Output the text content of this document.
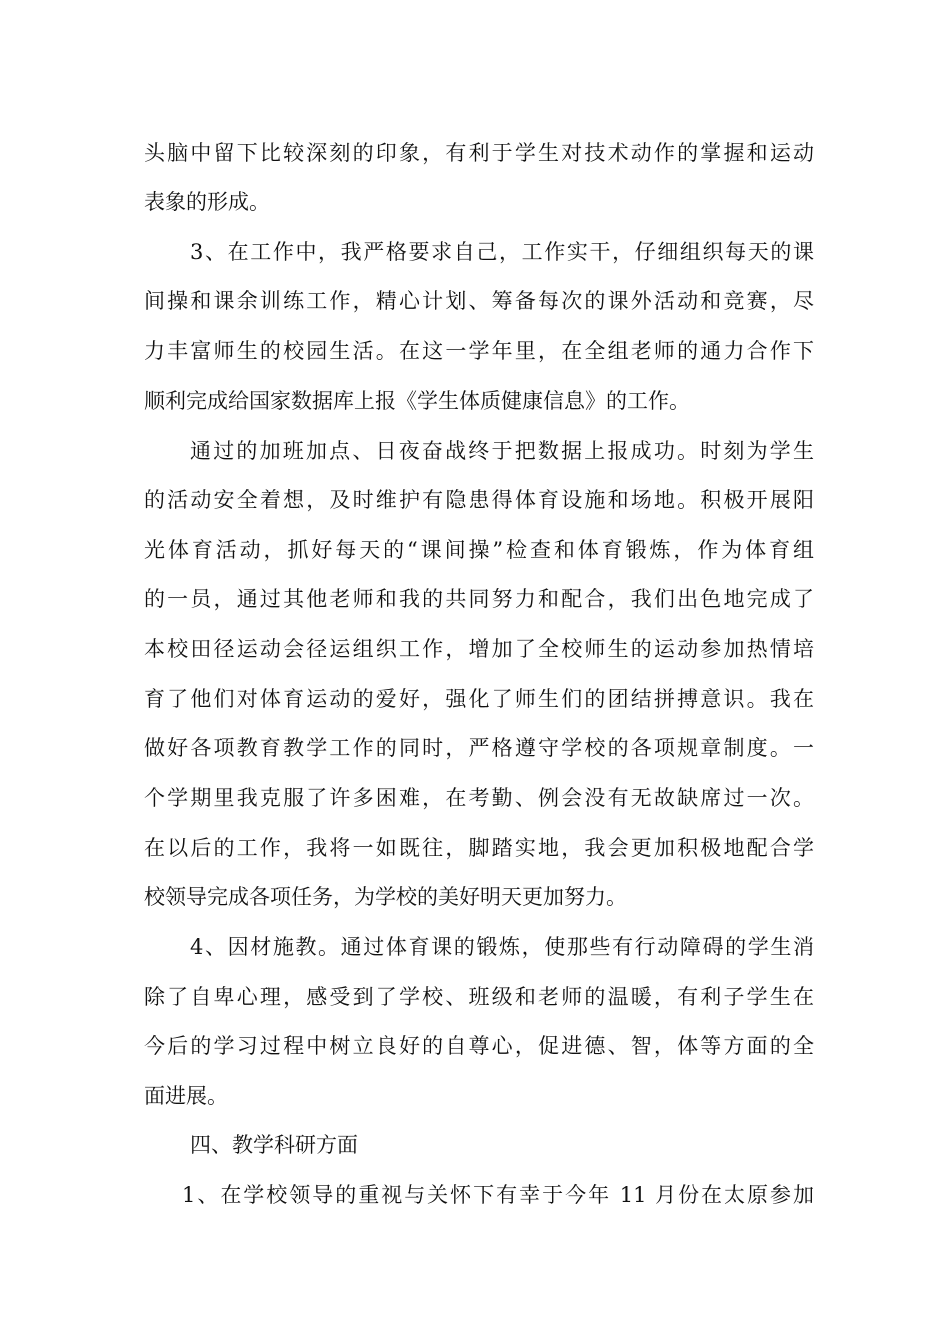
头脑中留下比较深刻的印象，有利于学生对技术动作的掌握和运动
表象的形成。
3、在工作中，我严格要求自己，工作实干，仔细组织每天的课
间操和课余训练工作，精心计划、筹备每次的课外活动和竞赛，尽
力丰富师生的校园生活。在这一学年里，在全组老师的通力合作下
顺利完成给国家数据库上报《学生体质健康信息》的工作。
通过的加班加点、日夜奋战终于把数据上报成功。时刻为学生
的活动安全着想，及时维护有隐患得体育设施和场地。积极开展阳
光体育活动，抓好每天的“课间操”检查和体育锻炼，作为体育组
的一员，通过其他老师和我的共同努力和配合，我们出色地完成了
本校田径运动会径运组织工作，增加了全校师生的运动参加热情培
育了他们对体育运动的爱好，强化了师生们的团结拼搏意识。我在
做好各项教育教学工作的同时，严格遵守学校的各项规章制度。一
个学期里我克服了许多困难，在考勤、例会没有无故缺席过一次。
在以后的工作，我将一如既往，脚踏实地，我会更加积极地配合学
校领导完成各项任务，为学校的美好明天更加努力。
4、因材施教。通过体育课的锻炼，使那些有行动障碍的学生消
除了自卑心理，感受到了学校、班级和老师的温暖，有利子学生在
今后的学习过程中树立良好的自尊心，促进德、智，体等方面的全
面进展。
四、教学科研方面
1、在学校领导的重视与关怀下有幸于今年 11 月份在太原参加
